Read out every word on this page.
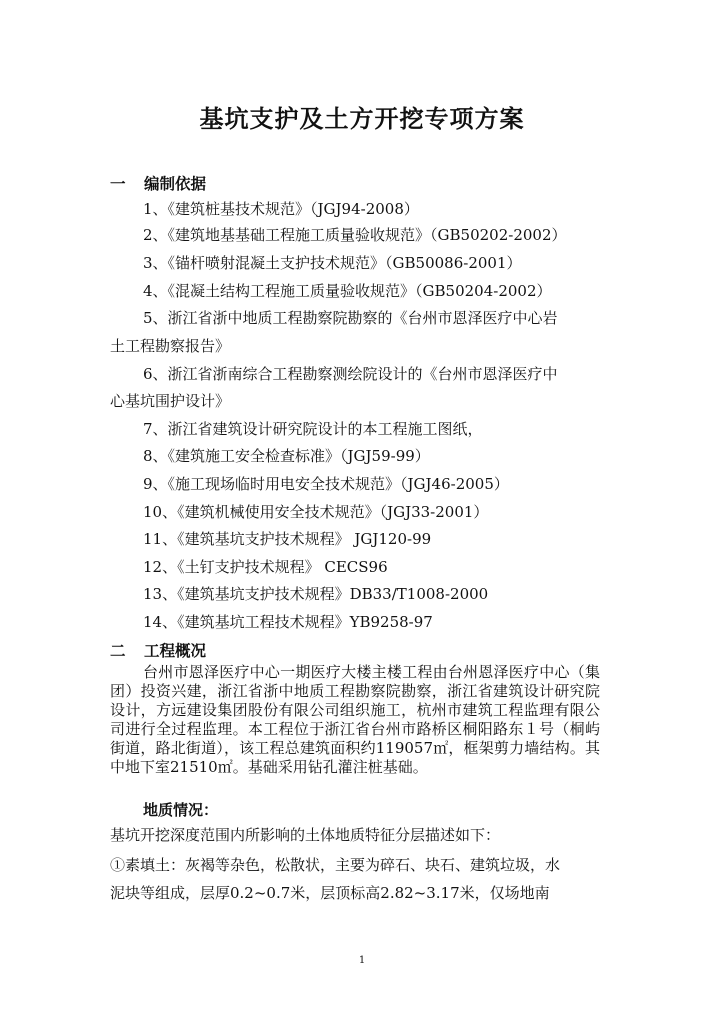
基坑支护及土方开挖专项方案
一 编制依据
1、《建筑桩基技术规范》（JGJ94-2008）
2、《建筑地基基础工程施工质量验收规范》（GB50202-2002）
3、《锚杆喷射混凝土支护技术规范》（GB50086-2001）
4、《混凝土结构工程施工质量验收规范》（GB50204-2002）
5、浙江省浙中地质工程勘察院勘察的《台州市恩泽医疗中心岩
土工程勘察报告》
6、浙江省浙南综合工程勘察测绘院设计的《台州市恩泽医疗中
心基坑围护设计》
7、浙江省建筑设计研究院设计的本工程施工图纸，
8、《建筑施工安全检查标准》（JGJ59-99）
9、《施工现场临时用电安全技术规范》（JGJ46-2005）
10、《建筑机械使用安全技术规范》（JGJ33-2001）
11、《建筑基坑支护技术规程》 JGJ120-99
12、《土钉支护技术规程》 CECS96
13、《建筑基坑支护技术规程》DB33/T1008-2000
14、《建筑基坑工程技术规程》YB9258-97
二 工程概况
台州市恩泽医疗中心一期医疗大楼主楼工程由台州恩泽医疗中心（集团）投资兴建，浙江省浙中地质工程勘察院勘察，浙江省建筑设计研究院设计，方远建设集团股份有限公司组织施工，杭州市建筑工程监理有限公司进行全过程监理。本工程位于浙江省台州市路桥区桐阳路东１号（桐屿街道，路北街道），该工程总建筑面积约119057㎡，框架剪力墙结构。其中地下室21510㎡。基础采用钻孔灌注桩基础。
地质情况：
基坑开挖深度范围内所影响的土体地质特征分层描述如下：
①素填土：灰褐等杂色，松散状，主要为碎石、块石、建筑垃圾，水
泥块等组成，层厚0.2~0.7米，层顶标高2.82~3.17米，仅场地南
1
